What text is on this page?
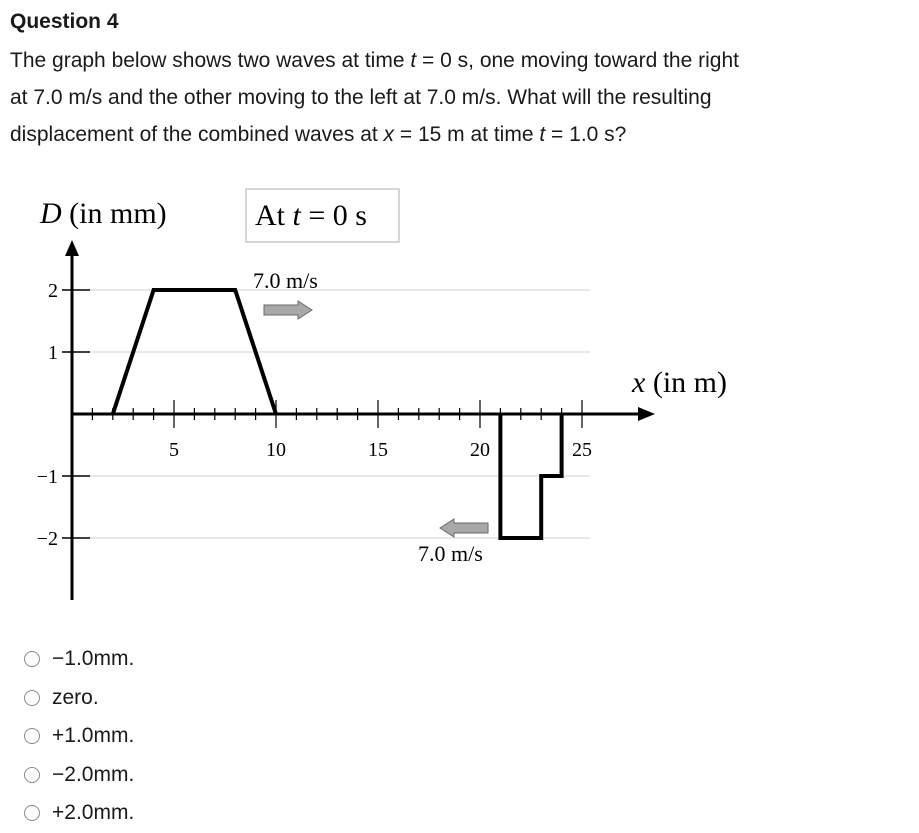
Question 4

The graph below shows two waves at time t = 0 s, one moving toward the right
at 7.0 m/s and the other moving to the left at 7.0 m/s. What will the resulting
displacement of the combined waves at x = 15 m at time t = 1.0 s?

2
1
−1
−2
5	10	15	20	25
D (in mm)
x (in m)
At t = 0 s
7.0 m/s
7.0 m/s
−1.0mm.
zero.
+1.0mm.
−2.0mm.
+2.0mm.
